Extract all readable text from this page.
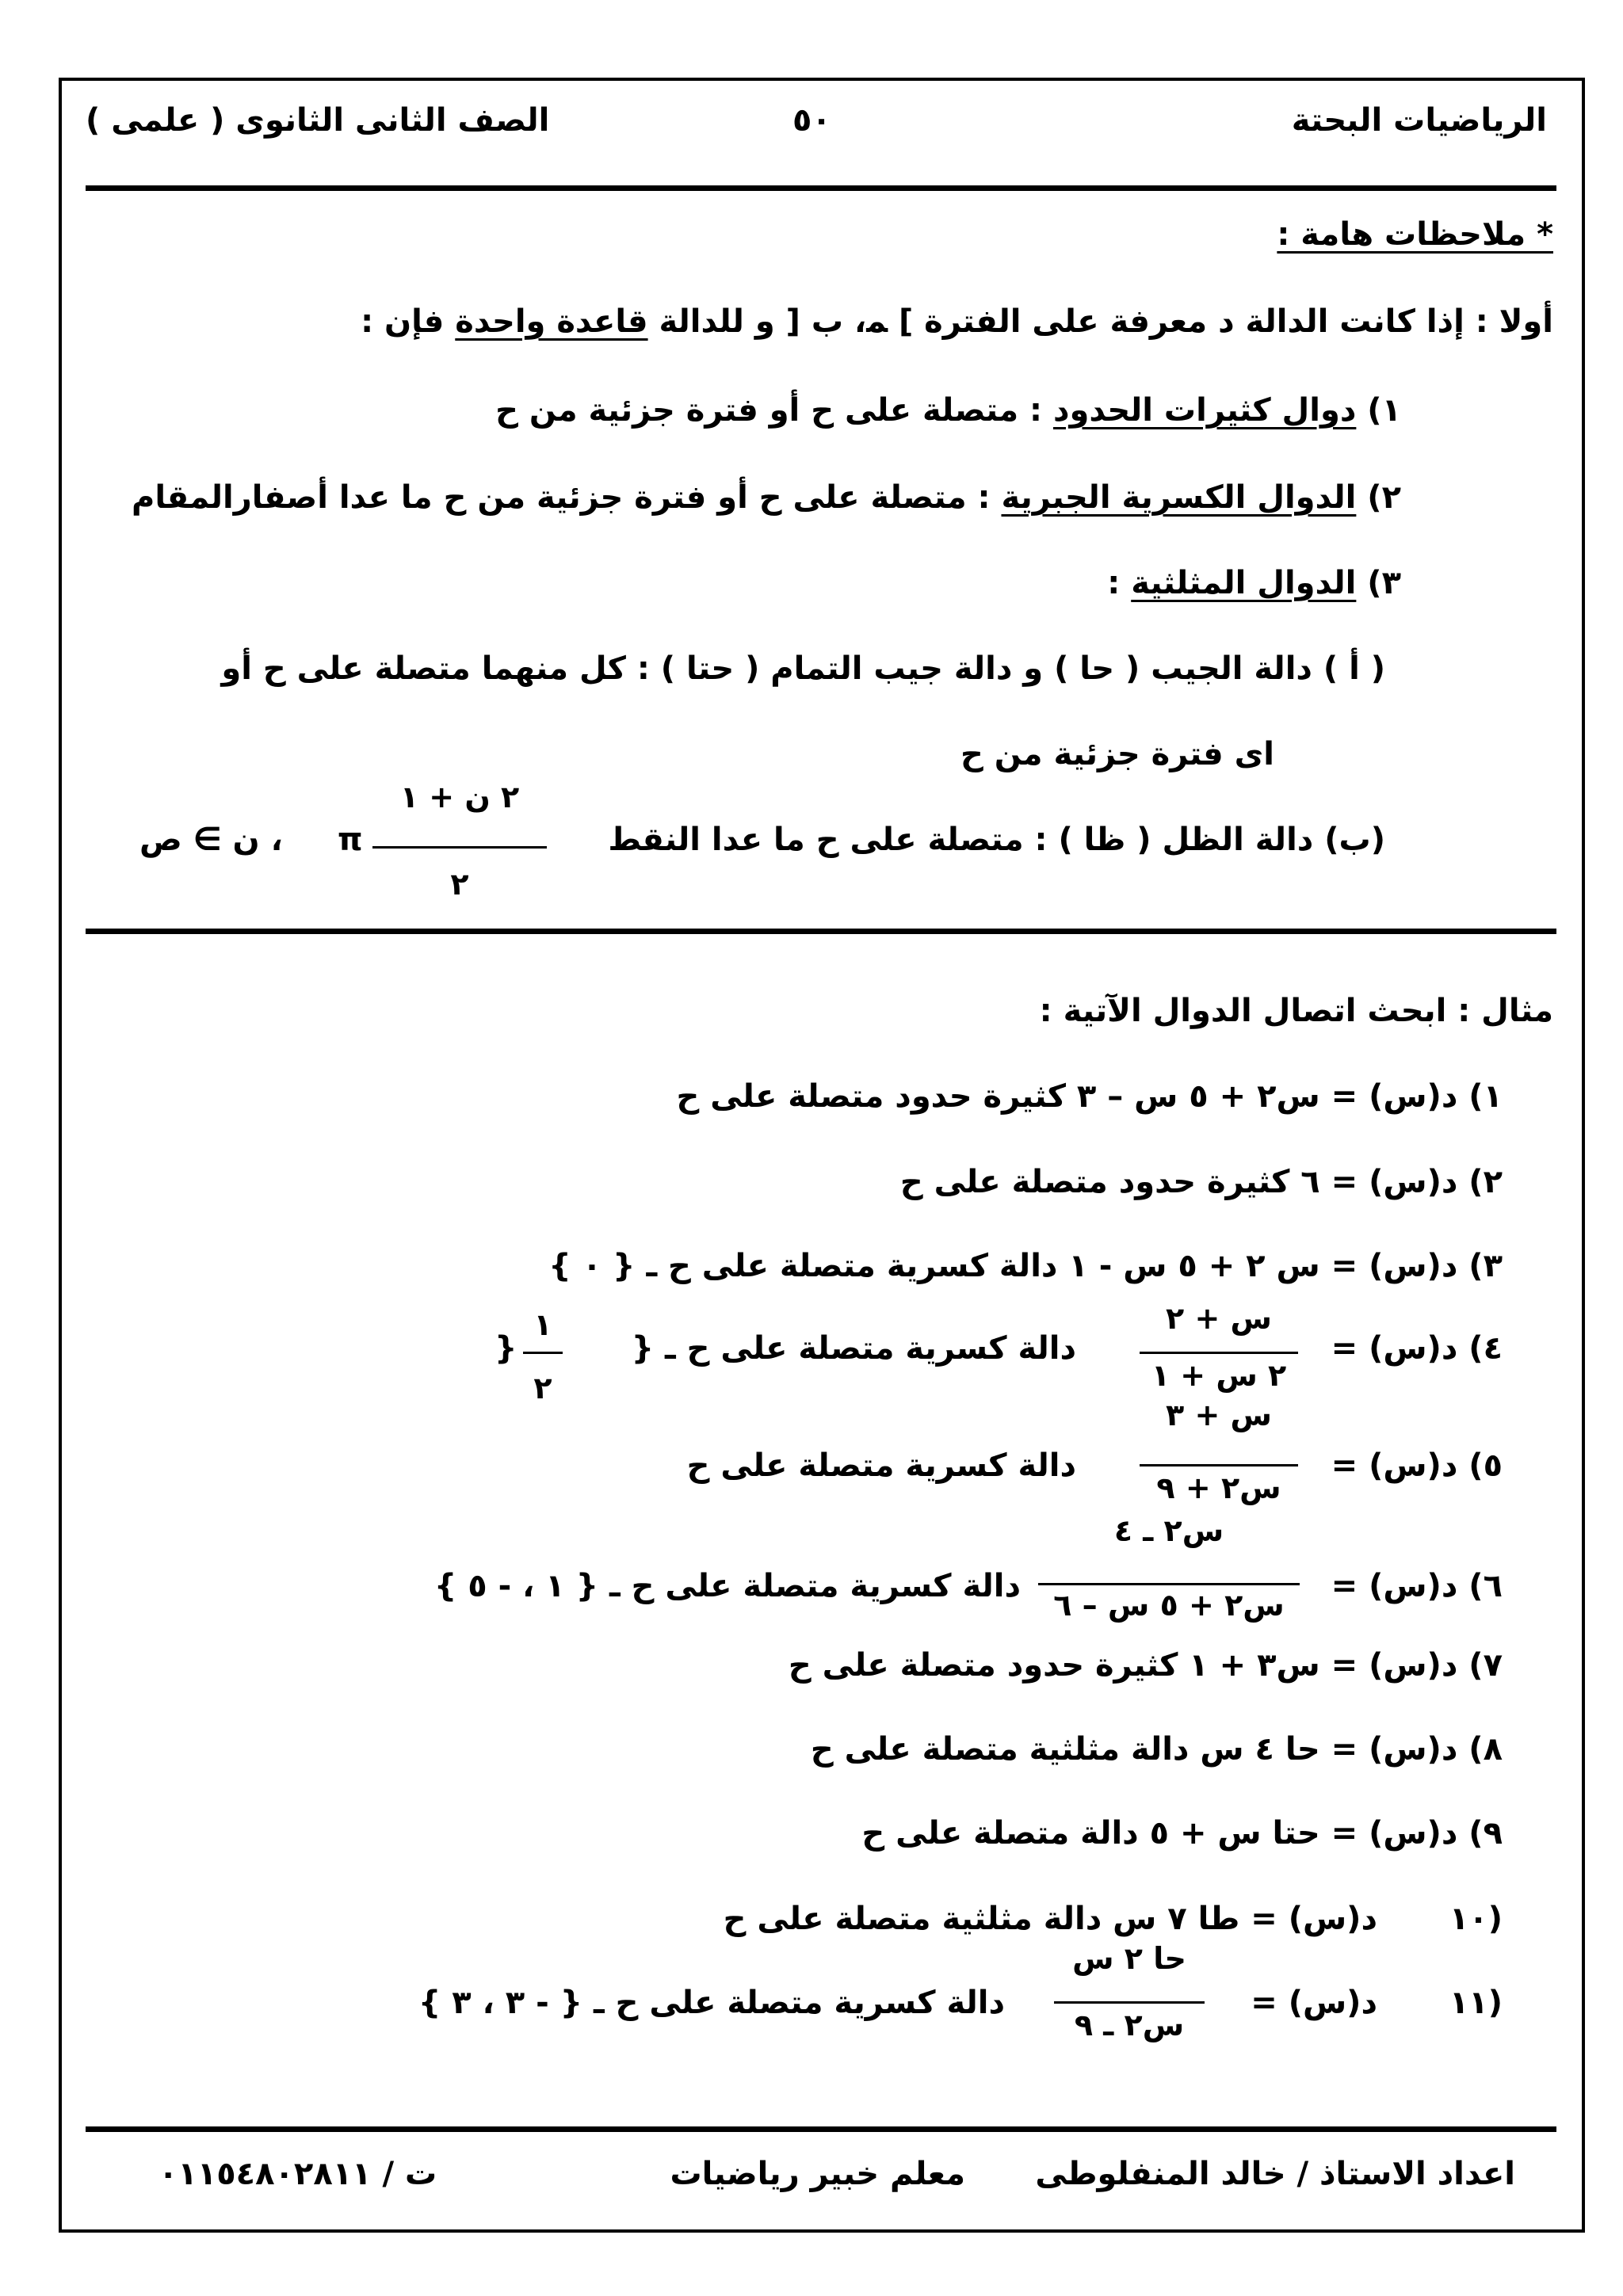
الرياضيات البحتة
٥٠
الصف الثانى الثانوى ( علمى )
* ملاحظات هامة :
أولا : إذا كانت الدالة د معرفة على الفترة ] ﻤ، ب [ و للدالة قاعدة واحدة فإن :
١) دوال كثيرات الحدود : متصلة على ح أو فترة جزئية من ح
٢) الدوال الكسرية الجبرية : متصلة على ح أو فترة جزئية من ح ما عدا أصفارالمقام
٣) الدوال المثلثية :
( أ ) دالة الجيب ( حا ) و دالة جيب التمام ( حتا ) : كل منهما متصلة على ح أو
اى فترة جزئية من ح
(ب) دالة الظل ( ظا ) : متصلة على ح ما عدا النقط
٢ ن + ١
٢
π
، ن ∋ ص
مثال : ابحث اتصال الدوال الآتية :
١) د(س) = س٢ + ٥ س – ٣ كثيرة حدود متصلة على ح
٢) د(س) = ٦ كثيرة حدود متصلة على ح
٣) د(س) = س ٢ + ٥ س - ١ دالة كسرية متصلة على ح ـ { ٠ }
٤) د(س) =
س + ٢
٢ س + ١
دالة كسرية متصلة على ح ـ {
١
٢
}
٥) د(س) =
س + ٣
س٢ + ٩
دالة كسرية متصلة على ح
٦) د(س) =
س٢ ـ ٤
س٢ + ٥ س – ٦
دالة كسرية متصلة على ح ـ { ١ ، - ٥ }
٧) د(س) = س٣ + ١ كثيرة حدود متصلة على ح
٨) د(س) = حا ٤ س دالة مثلثية متصلة على ح
٩) د(س) = حتا س + ٥ دالة متصلة على ح
١٠)
د(س) = طا ٧ س دالة مثلثية متصلة على ح
١١)
د(س) =
حا ٢ س
س٢ ـ ٩
دالة كسرية متصلة على ح ـ { - ٣ ، ٣ }
اعداد الاستاذ / خالد المنفلوطى
معلم خبير رياضيات
ت / ٠١١٥٤٨٠٢٨١١
